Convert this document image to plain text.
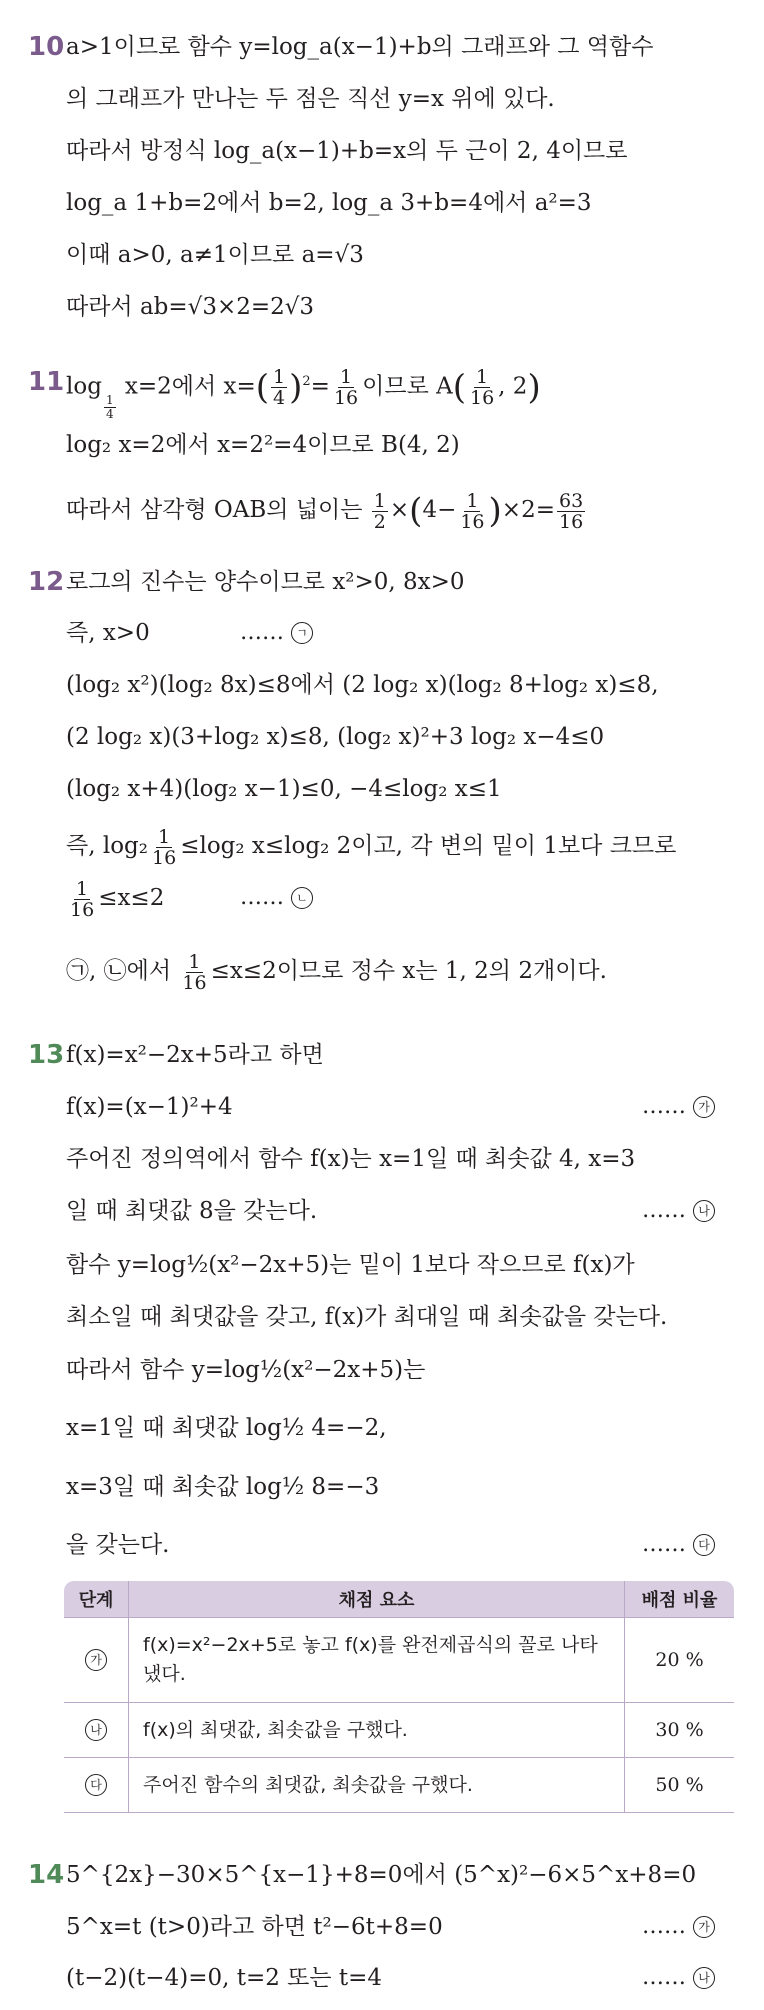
10 a>1이므로 함수 y=log_a(x−1)+b의 그래프와 그 역함수
의 그래프가 만나는 두 점은 직선 y=x 위에 있다.
따라서 방정식 log_a(x−1)+b=x의 두 근이 2, 4이므로
log_a 1+b=2에서 b=2, log_a 3+b=4에서 a²=3
이때 a>0, a≠1이므로 a=√3
따라서 ab=√3×2=2√3
11 log
$\frac{1}{4}$
x=2에서 $x=( \frac{1}{4} )^2= \frac{1}{16}$ 이므로 $A( \frac{1}{16}$ , 2)
log₂ x=2에서 x=2²=4이므로 B(4, 2)
따라서 삼각형 OAB의 넓이는 $\frac{1}{2} \times(4- \frac{1}{16} )\times 2= \frac{63}{16}$
12 로그의 진수는 양수이므로 x²>0, 8x>0
즉, x>0	…… ㄱ
(log₂ x²)(log₂ 8x)≤8에서 (2 log₂ x)(log₂ 8+log₂ x)≤8,
(2 log₂ x)(3+log₂ x)≤8, (log₂ x)²+3 log₂ x−4≤0
(log₂ x+4)(log₂ x−1)≤0, −4≤log₂ x≤1
즉, $\log_2 \frac{1}{16} \le\log_2$ x≤log₂ 2이고, 각 변의 밑이 1보다 크므로
$\frac{1}{16} \le x\le 2$	…… ㄴ
㉠, ㉡에서 $\frac{1}{16} \le x\le 2$이므로 정수 x는 1, 2의 2개이다.
13 f(x)=x²−2x+5라고 하면
f(x)=(x−1)²+4	…… 가
주어진 정의역에서 함수 f(x)는 x=1일 때 최솟값 4, x=3
일 때 최댓값 8을 갖는다.	…… 나
함수 y=log½(x²−2x+5)는 밑이 1보다 작으므로 f(x)가
최소일 때 최댓값을 갖고, f(x)가 최대일 때 최솟값을 갖는다.
따라서 함수 y=log½(x²−2x+5)는
x=1일 때 최댓값 log½ 4=−2,
x=3일 때 최솟값 log½ 8=−3
을 갖는다.	…… 다
단계	채점 요소	배점 비율
가	f(x)=x²−2x+5로 놓고 f(x)를 완전제곱식의 꼴로 나타냈다.	20 %
나	f(x)의 최댓값, 최솟값을 구했다.	30 %
다	주어진 함수의 최댓값, 최솟값을 구했다.	50 %
14 5^{2x}−30×5^{x−1}+8=0에서 (5^x)²−6×5^x+8=0
5^x=t (t>0)라고 하면 t²−6t+8=0	…… 가
(t−2)(t−4)=0, t=2 또는 t=4	…… 나
